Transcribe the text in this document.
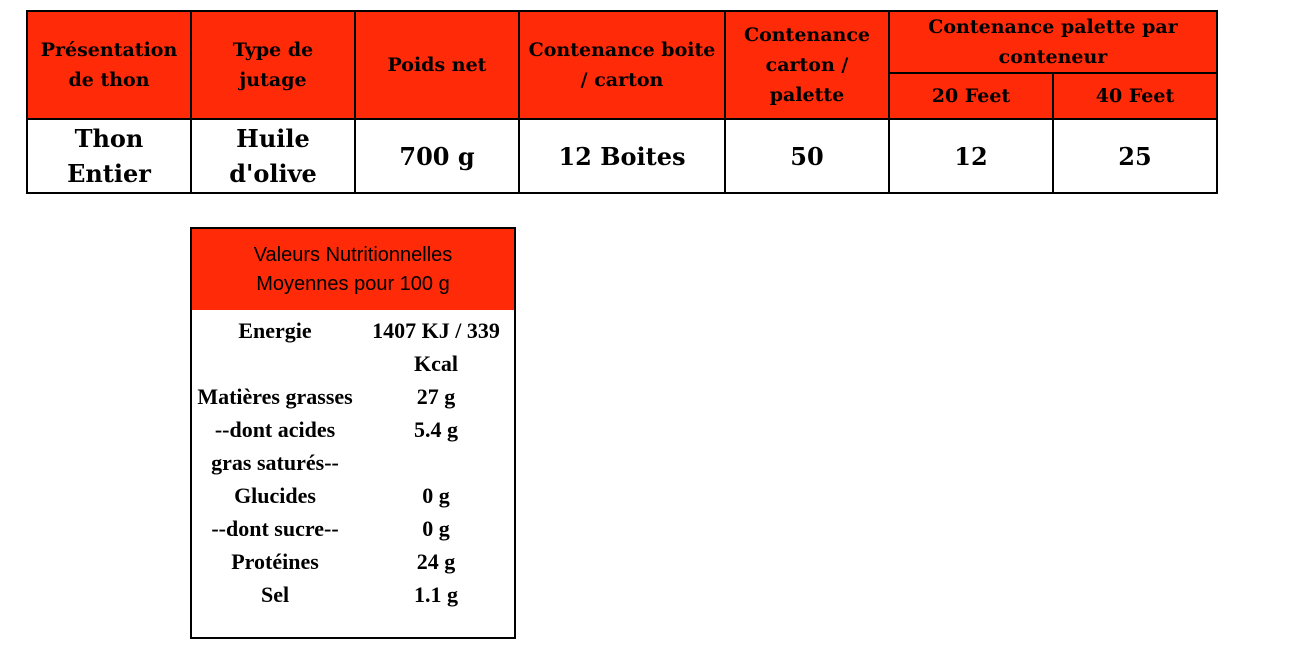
Présentation de thon	Type de jutage	Poids net	Contenance boite / carton	Contenance carton / palette	Contenance palette par conteneur	
					20 Feet	40 Feet
Thon Entier	Huile d'olive	700 g	12 Boites	50	12	25
Valeurs Nutritionnelles
Moyennes pour 100 g
Energie	1407 KJ / 339 Kcal
Matières grasses	27 g
--dont acides gras saturés--	5.4 g
Glucides	0 g
--dont sucre--	0 g
Protéines	24 g
Sel	1.1 g
